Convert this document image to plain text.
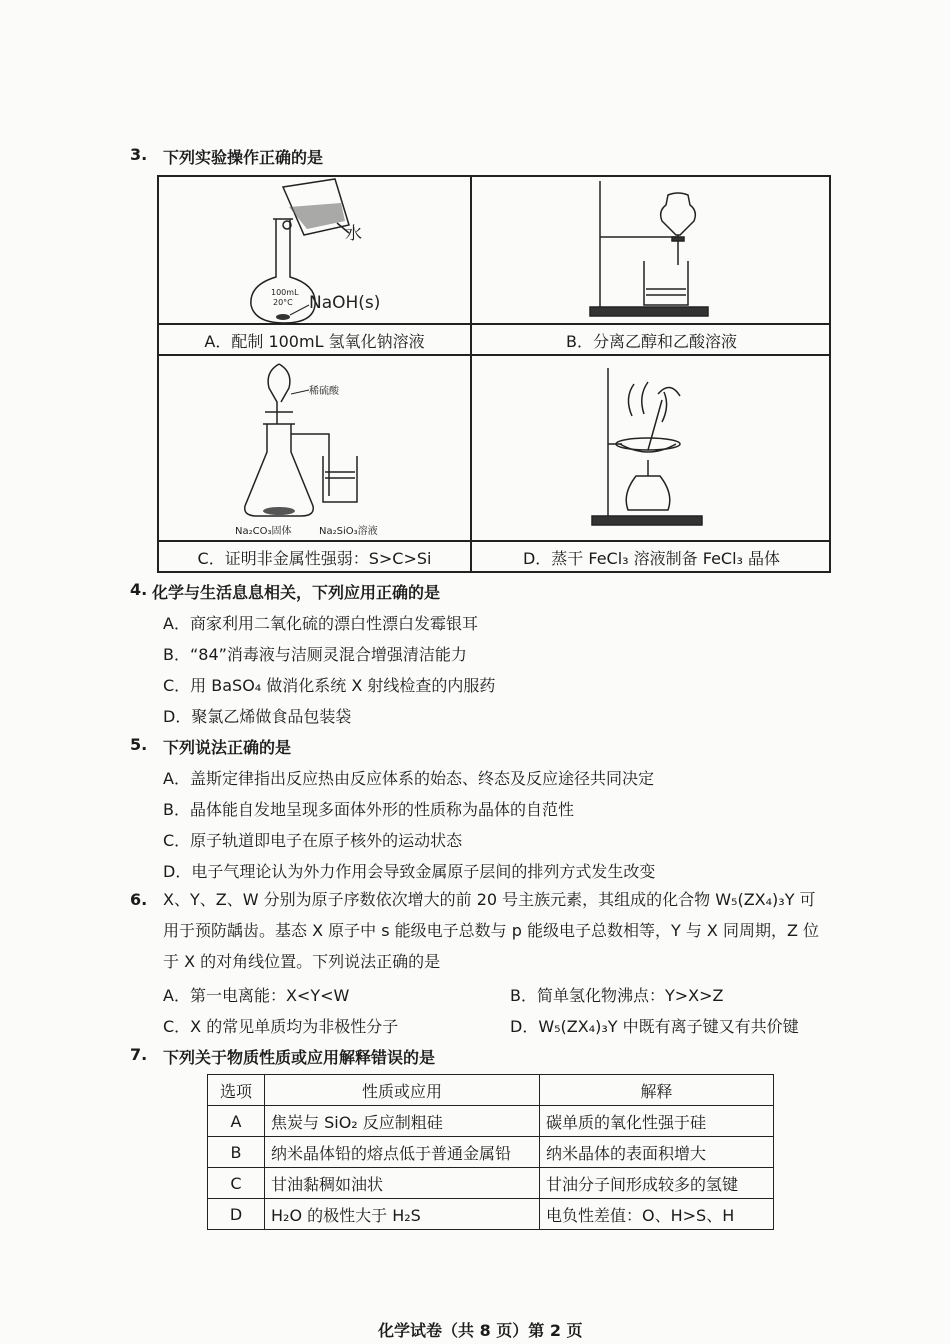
3. 下列实验操作正确的是
水
100mL
20°C NaOH(s)
A．配制 100mL 氢氧化钠溶液	B．分离乙醇和乙酸溶液
稀硫酸
Na₂CO₃固体	Na₂SiO₃溶液
C．证明非金属性强弱：S>C>Si	D．蒸干 FeCl₃ 溶液制备 FeCl₃ 晶体
4. 化学与生活息息相关，下列应用正确的是
A．商家利用二氧化硫的漂白性漂白发霉银耳
B．“84”消毒液与洁厕灵混合增强清洁能力
C．用 BaSO₄ 做消化系统 X 射线检查的内服药
D．聚氯乙烯做食品包装袋
5. 下列说法正确的是
A．盖斯定律指出反应热由反应体系的始态、终态及反应途径共同决定
B．晶体能自发地呈现多面体外形的性质称为晶体的自范性
C．原子轨道即电子在原子核外的运动状态
D．电子气理论认为外力作用会导致金属原子层间的排列方式发生改变
6. X、Y、Z、W 分别为原子序数依次增大的前 20 号主族元素，其组成的化合物 W₅(ZX₄)₃Y 可
用于预防龋齿。基态 X 原子中 s 能级电子总数与 p 能级电子总数相等，Y 与 X 同周期，Z 位
于 X 的对角线位置。下列说法正确的是
A．第一电离能：X<Y<W	B．简单氢化物沸点：Y>X>Z
C．X 的常见单质均为非极性分子	D．W₅(ZX₄)₃Y 中既有离子键又有共价键
7. 下列关于物质性质或应用解释错误的是
选项	性质或应用	解释
A	焦炭与 SiO₂ 反应制粗硅	碳单质的氧化性强于硅
B	纳米晶体铅的熔点低于普通金属铅	纳米晶体的表面积增大
C	甘油黏稠如油状	甘油分子间形成较多的氢键
D	H₂O 的极性大于 H₂S	电负性差值：O、H>S、H
化学试卷（共 8 页）第 2 页
